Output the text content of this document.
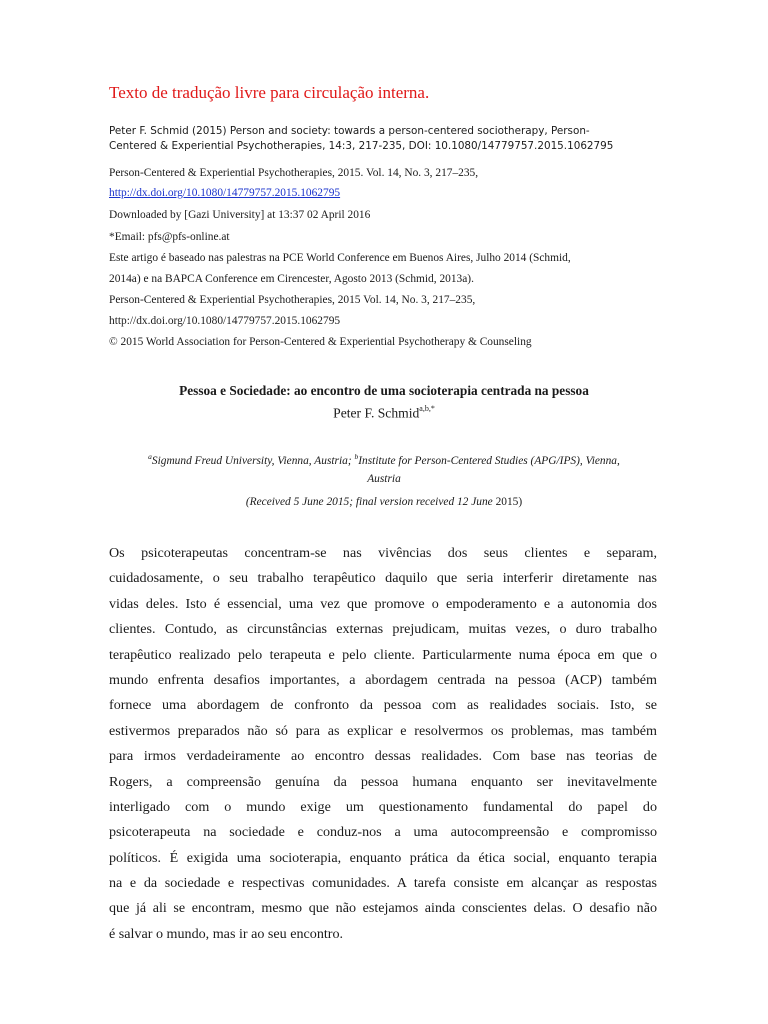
Texto de tradução livre para circulação interna.
Peter F. Schmid (2015) Person and society: towards a person-centered sociotherapy, Person-
Centered & Experiential Psychotherapies, 14:3, 217-235, DOI: 10.1080/14779757.2015.1062795
Person-Centered & Experiential Psychotherapies, 2015. Vol. 14, No. 3, 217–235,
http://dx.doi.org/10.1080/14779757.2015.1062795
Downloaded by [Gazi University] at 13:37 02 April 2016
*Email: pfs@pfs-online.at
Este artigo é baseado nas palestras na PCE World Conference em Buenos Aires, Julho 2014 (Schmid,
2014a) e na BAPCA Conference em Cirencester, Agosto 2013 (Schmid, 2013a).
Person-Centered & Experiential Psychotherapies, 2015 Vol. 14, No. 3, 217–235,
http://dx.doi.org/10.1080/14779757.2015.1062795
© 2015 World Association for Person-Centered & Experiential Psychotherapy & Counseling
Pessoa e Sociedade: ao encontro de uma socioterapia centrada na pessoa
Peter F. Schmid$^{a,b,*}$
$^a$Sigmund Freud University, Vienna, Austria; $^b$Institute for Person-Centered Studies (APG/IPS), Vienna,
Austria
(Received 5 June 2015; final version received 12 June 2015)
Os psicoterapeutas concentram-se nas vivências dos seus clientes e separam,
cuidadosamente, o seu trabalho terapêutico daquilo que seria interferir diretamente nas
vidas deles. Isto é essencial, uma vez que promove o empoderamento e a autonomia dos
clientes. Contudo, as circunstâncias externas prejudicam, muitas vezes, o duro trabalho
terapêutico realizado pelo terapeuta e pelo cliente. Particularmente numa época em que o
mundo enfrenta desafios importantes, a abordagem centrada na pessoa (ACP) também
fornece uma abordagem de confronto da pessoa com as realidades sociais. Isto, se
estivermos preparados não só para as explicar e resolvermos os problemas, mas também
para irmos verdadeiramente ao encontro dessas realidades. Com base nas teorias de
Rogers, a compreensão genuína da pessoa humana enquanto ser inevitavelmente
interligado com o mundo exige um questionamento fundamental do papel do
psicoterapeuta na sociedade e conduz-nos a uma autocompreensão e compromisso
políticos. É exigida uma socioterapia, enquanto prática da ética social, enquanto terapia
na e da sociedade e respectivas comunidades. A tarefa consiste em alcançar as respostas
que já ali se encontram, mesmo que não estejamos ainda conscientes delas. O desafio não
é salvar o mundo, mas ir ao seu encontro.
